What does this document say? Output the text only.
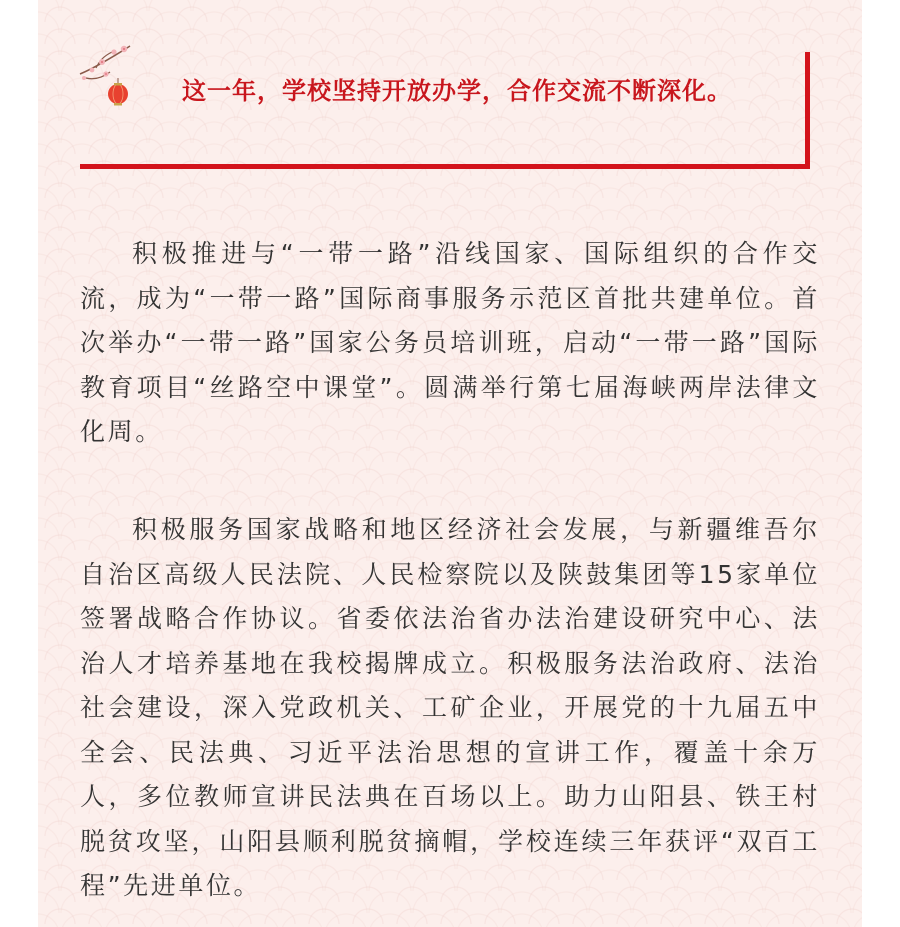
这一年，学校坚持开放办学，合作交流不断深化。

积极推进与“一带一路”沿线国家、国际组织的合作交流，成为“一带一路”国际商事服务示范区首批共建单位。首次举办“一带一路”国家公务员培训班，启动“一带一路”国际教育项目“丝路空中课堂”。圆满举行第七届海峡两岸法律文化周。

积极服务国家战略和地区经济社会发展，与新疆维吾尔自治区高级人民法院、人民检察院以及陕鼓集团等15家单位签署战略合作协议。省委依法治省办法治建设研究中心、法治人才培养基地在我校揭牌成立。积极服务法治政府、法治社会建设，深入党政机关、工矿企业，开展党的十九届五中全会、民法典、习近平法治思想的宣讲工作，覆盖十余万人，多位教师宣讲民法典在百场以上。助力山阳县、铁王村脱贫攻坚，山阳县顺利脱贫摘帽，学校连续三年获评“双百工程”先进单位。
